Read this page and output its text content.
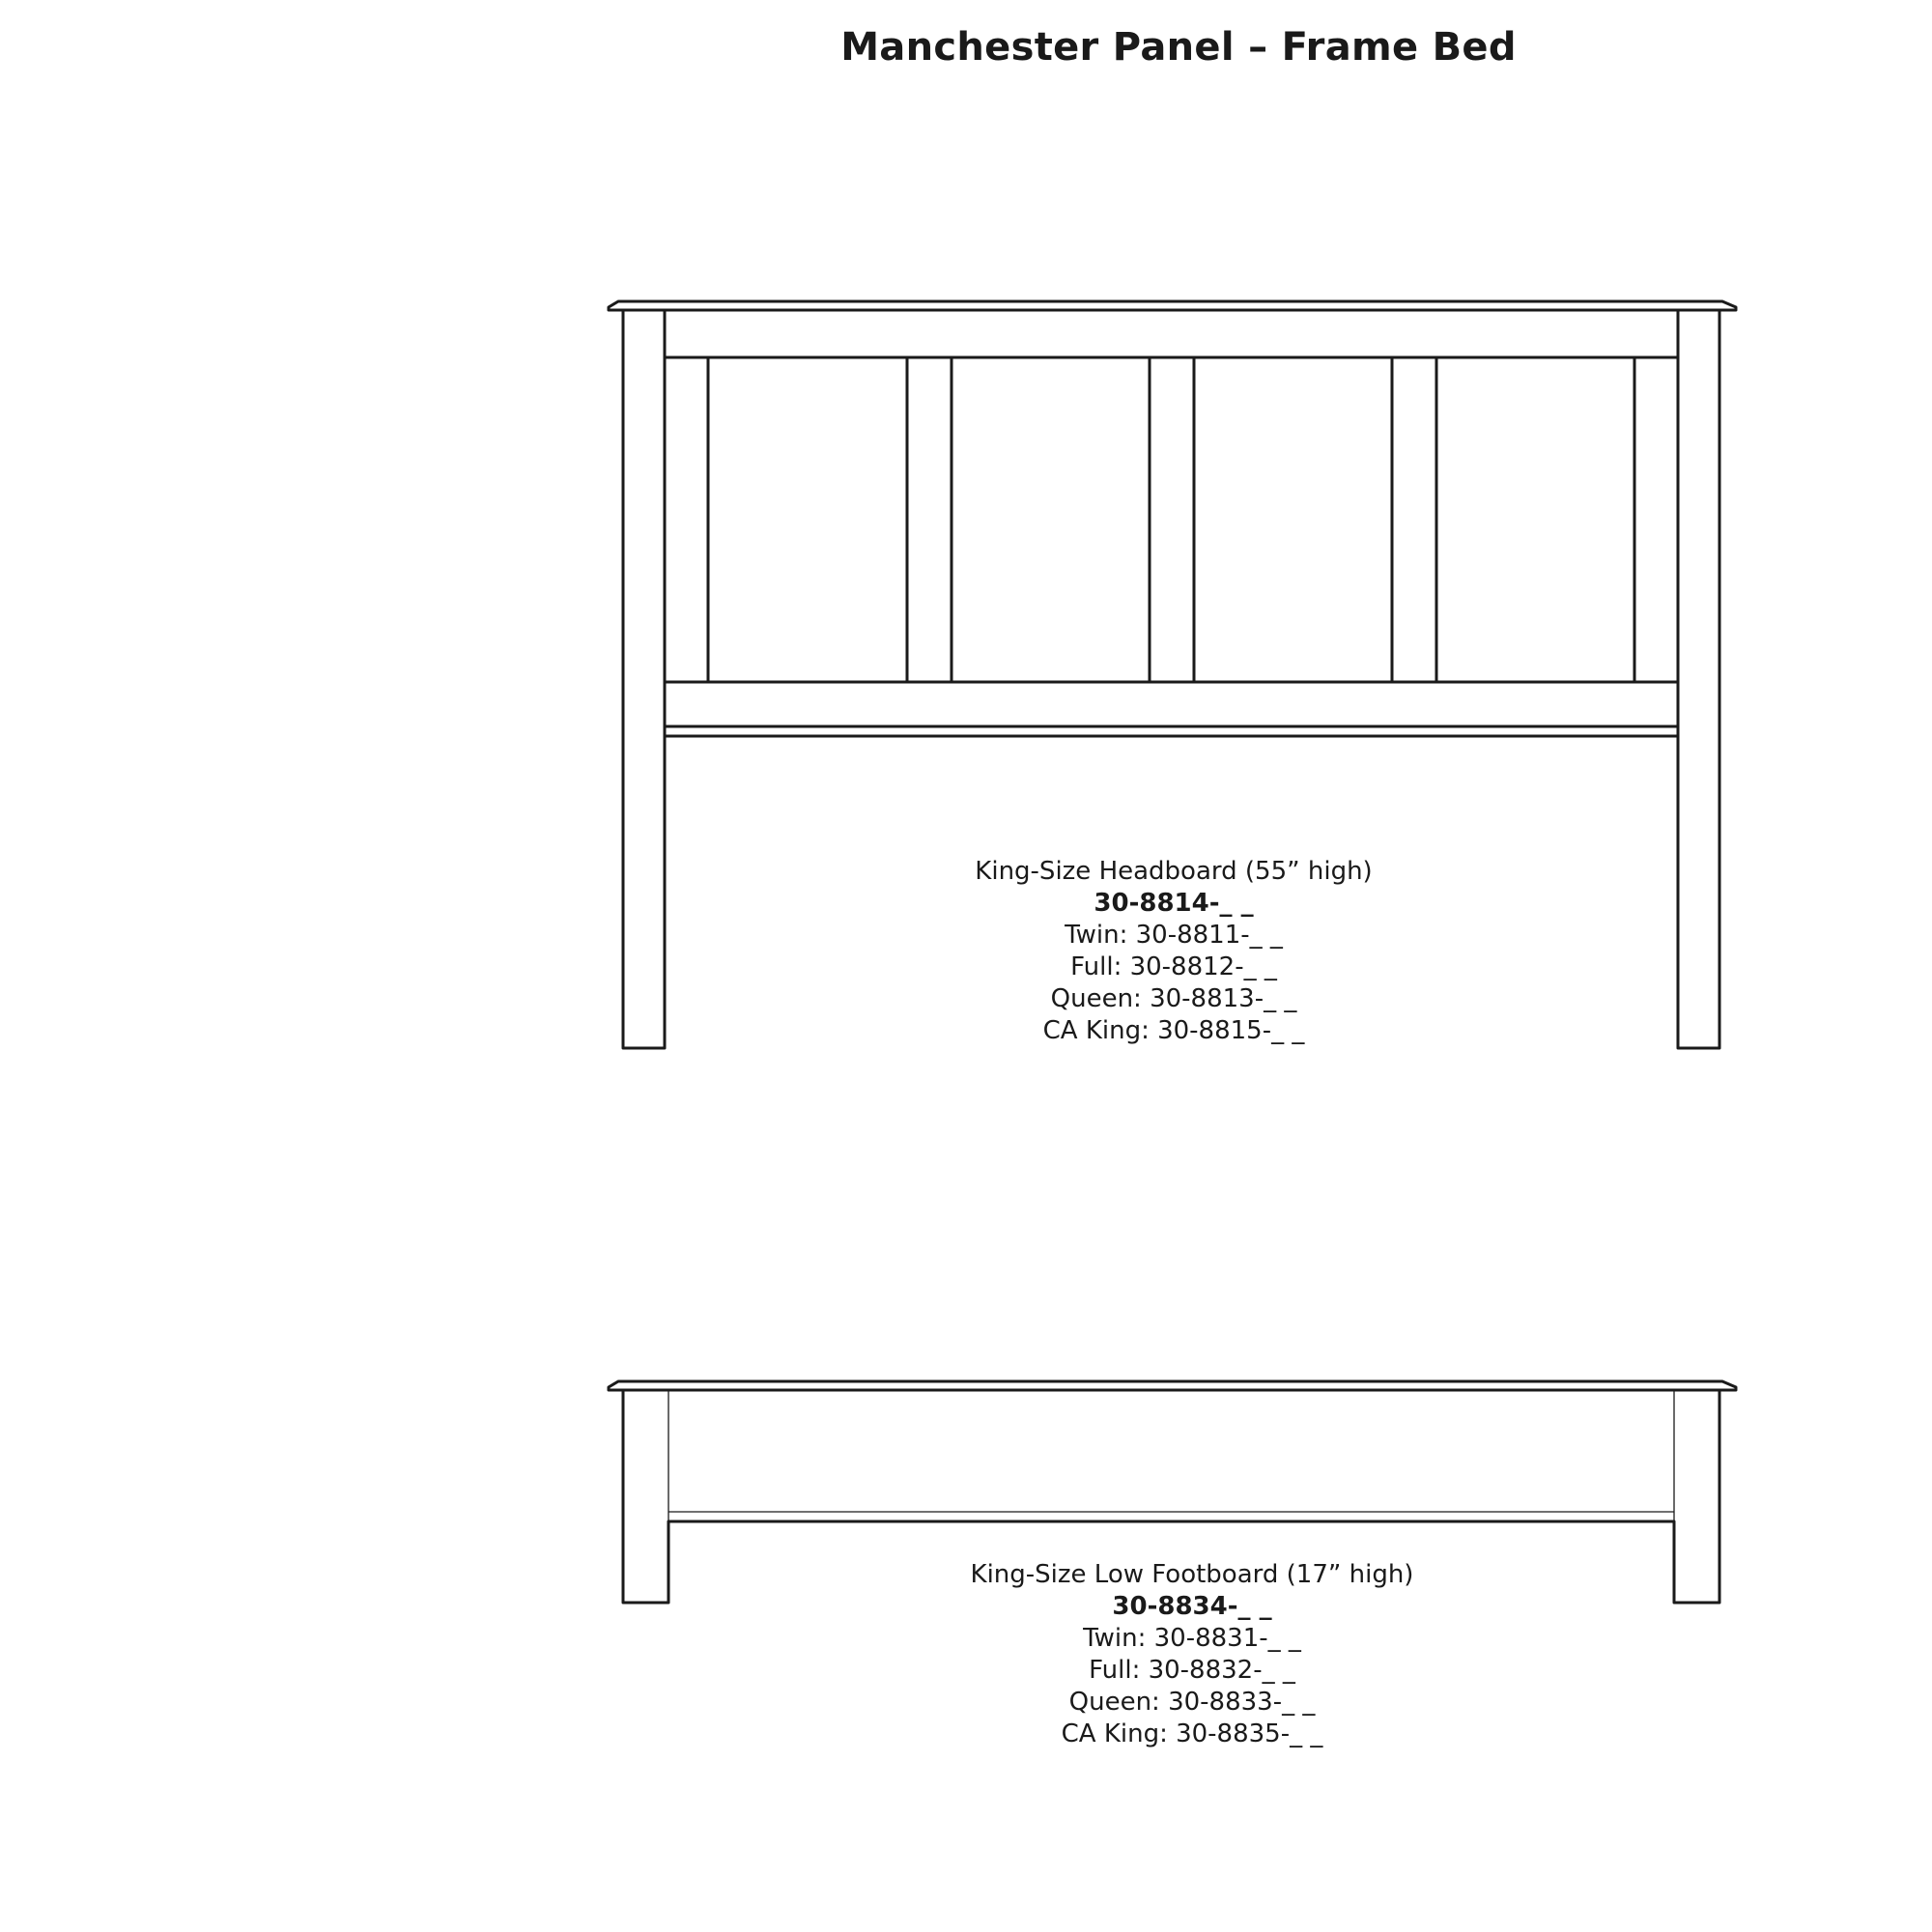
Manchester Panel – Frame Bed
King-Size Headboard (55” high)
30-8814-_ _
Twin: 30-8811-_ _
Full: 30-8812-_ _
Queen: 30-8813-_ _
CA King: 30-8815-_ _
King-Size Low Footboard (17” high)
30-8834-_ _
Twin: 30-8831-_ _
Full: 30-8832-_ _
Queen: 30-8833-_ _
CA King: 30-8835-_ _
